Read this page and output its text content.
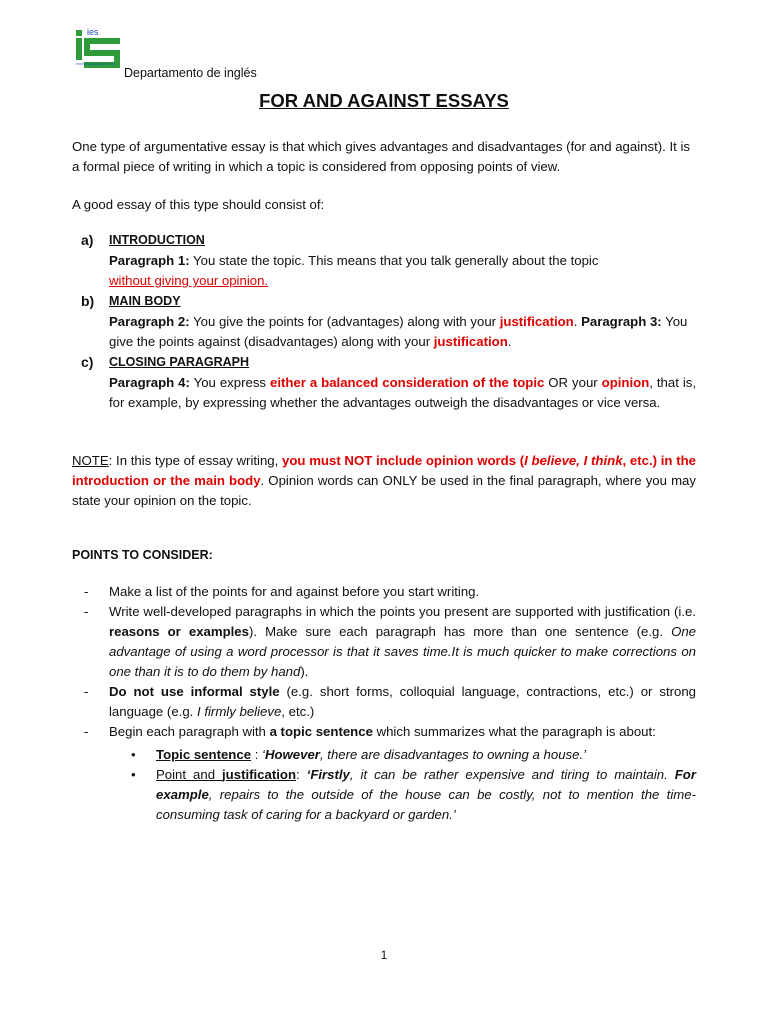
ies
PORTA SINCHEZ BAUTISTA
Departamento de inglés
FOR AND AGAINST ESSAYS
One type of argumentative essay is that which gives advantages and disadvantages (for and against). It is a formal piece of writing in which a topic is considered from opposing points of view.
A good essay of this type should consist of:
a) INTRODUCTION
Paragraph 1: You state the topic. This means that you talk generally about the topic
without giving your opinion.
b) MAIN BODY
Paragraph 2: You give the points for (advantages) along with your justification. Paragraph 3: You give the points against (disadvantages) along with your justification.
c) CLOSING PARAGRAPH
Paragraph 4: You express either a balanced consideration of the topic OR your opinion, that is, for example, by expressing whether the advantages outweigh the disadvantages or vice versa.
NOTE: In this type of essay writing, you must NOT include opinion words (I believe, I think, etc.) in the introduction or the main body. Opinion words can ONLY be used in the final paragraph, where you may state your opinion on the topic.
POINTS TO CONSIDER:
- Make a list of the points for and against before you start writing.
- Write well-developed paragraphs in which the points you present are supported with justification (i.e. reasons or examples). Make sure each paragraph has more than one sentence (e.g. One advantage of using a word processor is that it saves time.It is much quicker to make corrections on one than it is to do them by hand).
- Do not use informal style (e.g. short forms, colloquial language, contractions, etc.) or strong language (e.g. I firmly believe, etc.)
- Begin each paragraph with a topic sentence which summarizes what the paragraph is about:
• Topic sentence : ‘However, there are disadvantages to owning a house.’
• Point and justification: ‘Firstly, it can be rather expensive and tiring to maintain. For example, repairs to the outside of the house can be costly, not to mention the time-consuming task of caring for a backyard or garden.’
1
